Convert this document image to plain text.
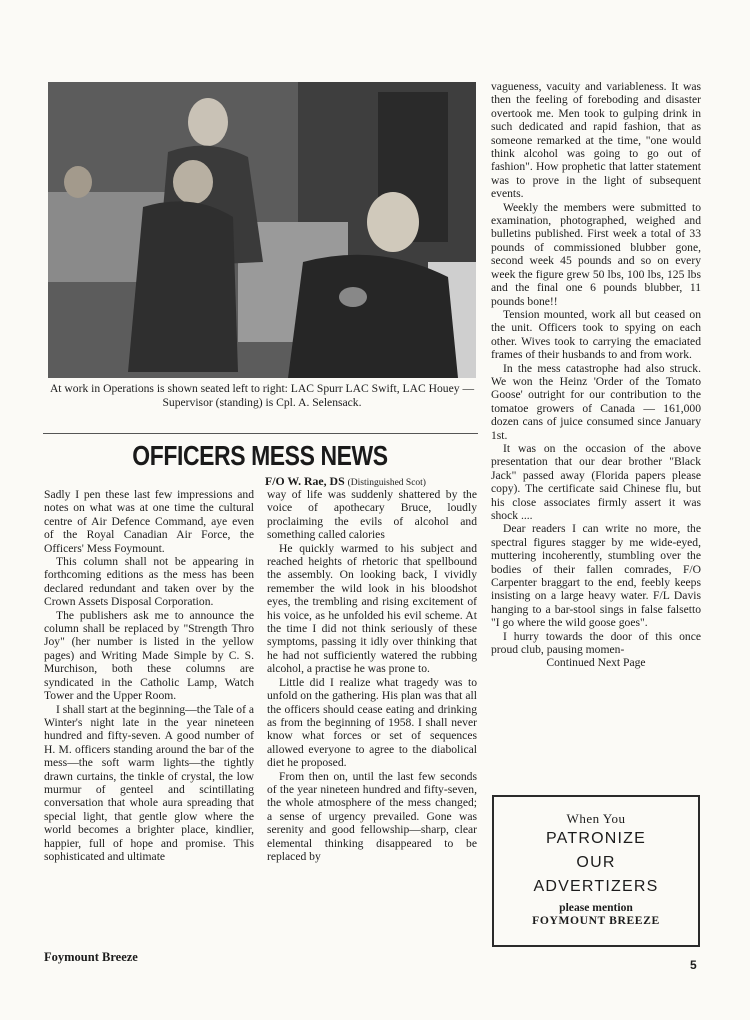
At work in Operations is shown seated left to right: LAC Spurr LAC Swift, LAC Houey — Supervisor (standing) is Cpl. A. Selensack.
OFFICERS MESS NEWS
F/O W. Rae, DS (Distinguished Scot)

Sadly I pen these last few impressions and notes on what was at one time the cultural centre of Air Defence Command, aye even of the Royal Canadian Air Force, the Officers' Mess Foymount.

This column shall not be appearing in forthcoming editions as the mess has been declared redundant and taken over by the Crown Assets Disposal Corporation.

The publishers ask me to announce the column shall be replaced by "Strength Thro Joy" (her number is listed in the yellow pages) and Writing Made Simple by C. S. Murchison, both these columns are syndicated in the Catholic Lamp, Watch Tower and the Upper Room.

I shall start at the beginning—the Tale of a Winter's night late in the year nineteen hundred and fifty-seven. A good number of H. M. officers standing around the bar of the mess—the soft warm lights—the tightly drawn curtains, the tinkle of crystal, the low murmur of genteel and scintillating conversation that whole aura spreading that special light, that gentle glow where the world becomes a brighter place, kindlier, happier, full of hope and promise. This sophisticated and ultimate

way of life was suddenly shattered by the voice of apothecary Bruce, loudly proclaiming the evils of alcohol and something called calories

He quickly warmed to his subject and reached heights of rhetoric that spellbound the assembly. On looking back, I vividly remember the wild look in his bloodshot eyes, the trembling and rising excitement of his voice, as he unfolded his evil scheme. At the time I did not think seriously of these symptoms, passing it idly over thinking that he had not sufficiently watered the rubbing alcohol, a practise he was prone to.

Little did I realize what tragedy was to unfold on the gathering. His plan was that all the officers should cease eating and drinking as from the beginning of 1958. I shall never know what forces or set of sequences allowed everyone to agree to the diabolical diet he proposed.

From then on, until the last few seconds of the year nineteen hundred and fifty-seven, the whole atmosphere of the mess changed; a sense of urgency prevailed. Gone was serenity and good fellowship—sharp, clear elemental thinking disappeared to be replaced by

vagueness, vacuity and variableness. It was then the feeling of foreboding and disaster overtook me. Men took to gulping drink in such dedicated and rapid fashion, that as someone remarked at the time, "one would think alcohol was going to go out of fashion". How prophetic that latter statement was to prove in the light of subsequent events.

Weekly the members were submitted to examination, photographed, weighed and bulletins published. First week a total of 33 pounds of commissioned blubber gone, second week 45 pounds and so on every week the figure grew 50 lbs, 100 lbs, 125 lbs and the final one 6 pounds blubber, 11 pounds bone!!

Tension mounted, work all but ceased on the unit. Officers took to spying on each other. Wives took to carrying the emaciated frames of their husbands to and from work.

In the mess catastrophe had also struck. We won the Heinz 'Order of the Tomato Goose' outright for our contribution to the tomatoe growers of Canada — 161,000 dozen cans of juice consumed since January 1st.

It was on the occasion of the above presentation that our dear brother "Black Jack" passed away (Florida papers please copy). The certificate said Chinese flu, but his close associates firmly assert it was shock ....

Dear readers I can write no more, the spectral figures stagger by me wide-eyed, muttering incoherently, stumbling over the bodies of their fallen comrades, F/O Carpenter braggart to the end, feebly keeps insisting on a large heavy water. F/L Davis hanging to a bar-stool sings in false falsetto "I go where the wild goose goes".

I hurry towards the door of this once proud club, pausing momen-

Continued Next Page

When You
PATRONIZE
OUR
ADVERTIZERS
please mention
FOYMOUNT BREEZE
Foymount Breeze
5
